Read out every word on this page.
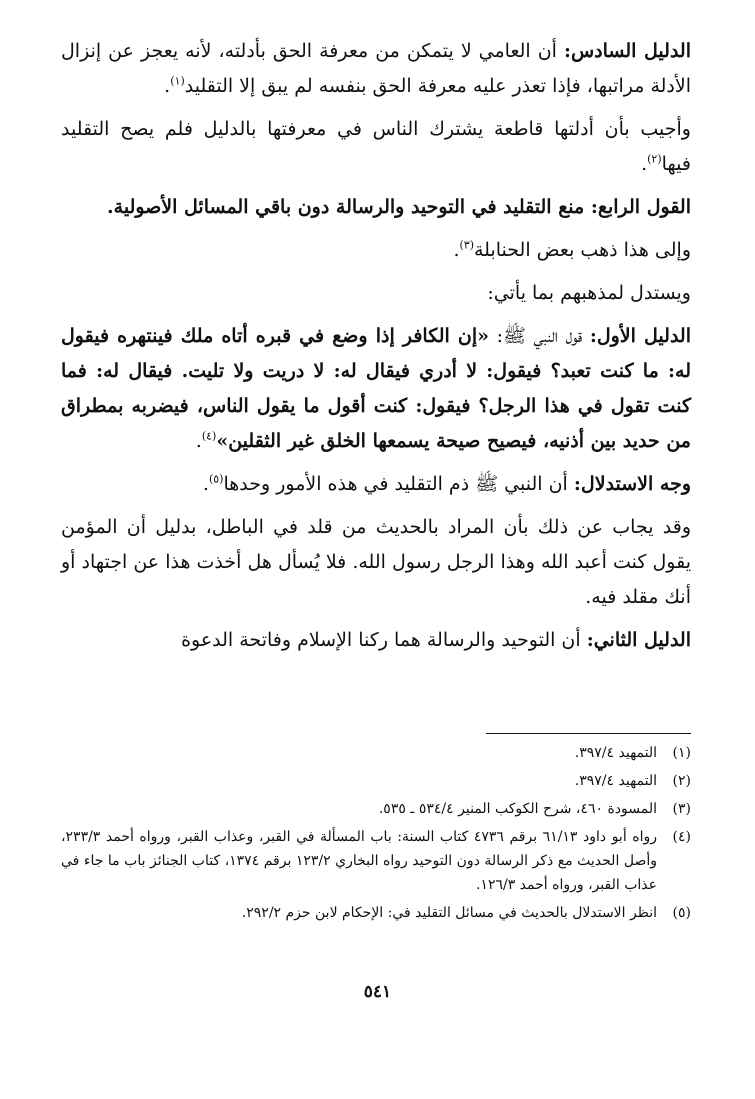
الدليل السادس: أن العامي لا يتمكن من معرفة الحق بأدلته، لأنه يعجز عن إنزال الأدلة مراتبها، فإذا تعذر عليه معرفة الحق بنفسه لم يبق إلا التقليد$^{(١)}$.

وأجيب بأن أدلتها قاطعة يشترك الناس في معرفتها بالدليل فلم يصح التقليد فيها$^{(٢)}$.

القول الرابع: منع التقليد في التوحيد والرسالة دون باقي المسائل الأصولية.

وإلى هذا ذهب بعض الحنابلة$^{(٣)}$.

ويستدل لمذهبهم بما يأتي:

الدليل الأول: قول النبي ﷺ: «إن الكافر إذا وضع في قبره أتاه ملك فينتهره فيقول له: ما كنت تعبد؟ فيقول: لا أدري فيقال له: لا دريت ولا تليت. فيقال له: فما كنت تقول في هذا الرجل؟ فيقول: كنت أقول ما يقول الناس، فيضربه بمطراق من حديد بين أذنيه، فيصيح صيحة يسمعها الخلق غير الثقلين»$^{(٤)}$.

وجه الاستدلال: أن النبي ﷺ ذم التقليد في هذه الأمور وحدها$^{(٥)}$.

وقد يجاب عن ذلك بأن المراد بالحديث من قلد في الباطل، بدليل أن المؤمن يقول كنت أعبد الله وهذا الرجل رسول الله. فلا يُسأل هل أخذت هذا عن اجتهاد أو أنك مقلد فيه.

الدليل الثاني: أن التوحيد والرسالة هما ركنا الإسلام وفاتحة الدعوة

(١)
التمهيد ٣٩٧/٤.
(٢)
التمهيد ٣٩٧/٤.
(٣)
المسودة ٤٦٠، شرح الكوكب المنير ٥٣٤/٤ ـ ٥٣٥.
(٤)
رواه أبو داود ٦١/١٣ برقم ٤٧٣٦ كتاب السنة: باب المسألة في القبر، وعذاب القبر، ورواه أحمد ٢٣٣/٣، وأصل الحديث مع ذكر الرسالة دون التوحيد رواه البخاري ١٢٣/٢ برقم ١٣٧٤، كتاب الجنائز باب ما جاء في عذاب القبر، ورواه أحمد ١٢٦/٣.
(٥)
انظر الاستدلال بالحديث في مسائل التقليد في: الإحكام لابن حزم ٢٩٢/٢.
٥٤١
